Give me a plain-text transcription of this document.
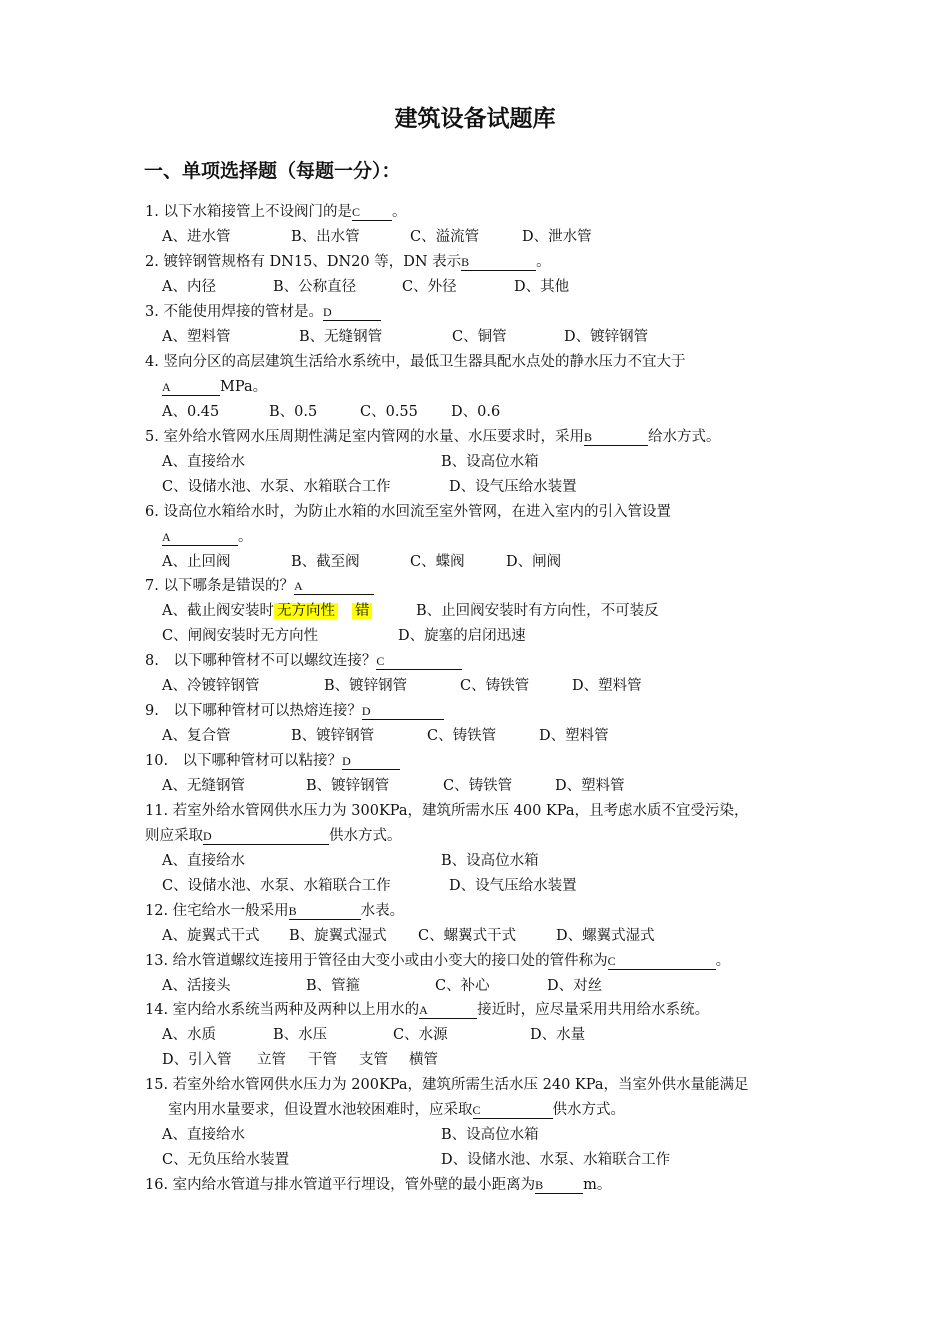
建筑设备试题库
一、单项选择题（每题一分）：
1. 以下水箱接管上不设阀门的是C 。
A、进水管	B、出水管	C、溢流管	D、泄水管
2. 镀锌钢管规格有 DN15、DN20 等，DN 表示B	。
A、内径	B、公称直径	C、外径	D、其他
3. 不能使用焊接的管材是。D
A、塑料管	B、无缝钢管	C、铜管	D、镀锌钢管
4. 竖向分区的高层建筑生活给水系统中，最低卫生器具配水点处的静水压力不宜大于
A	MPa。
A、0.45	B、0.5	C、0.55 D、0.6
5. 室外给水管网水压周期性满足室内管网的水量、水压要求时，采用B	给水方式。
A、直接给水	B、设高位水箱
C、设储水池、水泵、水箱联合工作	D、设气压给水装置
6. 设高位水箱给水时，为防止水箱的水回流至室外管网，在进入室内的引入管设置
A	。
A、止回阀	B、截至阀	C、蝶阀	D、闸阀
7. 以下哪条是错误的？A
A、截止阀安装时 无方向性 错	B、止回阀安装时有方向性，不可装反
C、闸阀安装时无方向性	D、旋塞的启闭迅速
8.　以下哪种管材不可以螺纹连接？C
A、冷镀锌钢管	B、镀锌钢管	C、铸铁管	D、塑料管
9.　以下哪种管材可以热熔连接？D
A、复合管	B、镀锌钢管	C、铸铁管	D、塑料管
10.　以下哪种管材可以粘接？D
A、无缝钢管	B、镀锌钢管	C、铸铁管	D、塑料管
11. 若室外给水管网供水压力为 300KPa，建筑所需水压 400 KPa，且考虑水质不宜受污染，
则应采取D	供水方式。
A、直接给水	B、设高位水箱
C、设储水池、水泵、水箱联合工作	D、设气压给水装置
12. 住宅给水一般采用B	水表。
A、旋翼式干式 B、旋翼式湿式 C、螺翼式干式	D、螺翼式湿式
13. 给水管道螺纹连接用于管径由大变小或由小变大的接口处的管件称为C	。
A、活接头	B、管箍	C、补心	D、对丝
14. 室内给水系统当两种及两种以上用水的A	接近时，应尽量采用共用给水系统。
A、水质	B、水压	C、水源	D、水量
D、引入管 立管 干管 支管 横管
15. 若室外给水管网供水压力为 200KPa，建筑所需生活水压 240 KPa，当室外供水量能满足
室内用水量要求，但设置水池较困难时，应采取C	供水方式。
A、直接给水	B、设高位水箱
C、无负压给水装置	D、设储水池、水泵、水箱联合工作
16. 室内给水管道与排水管道平行埋设，管外壁的最小距离为B	m。
